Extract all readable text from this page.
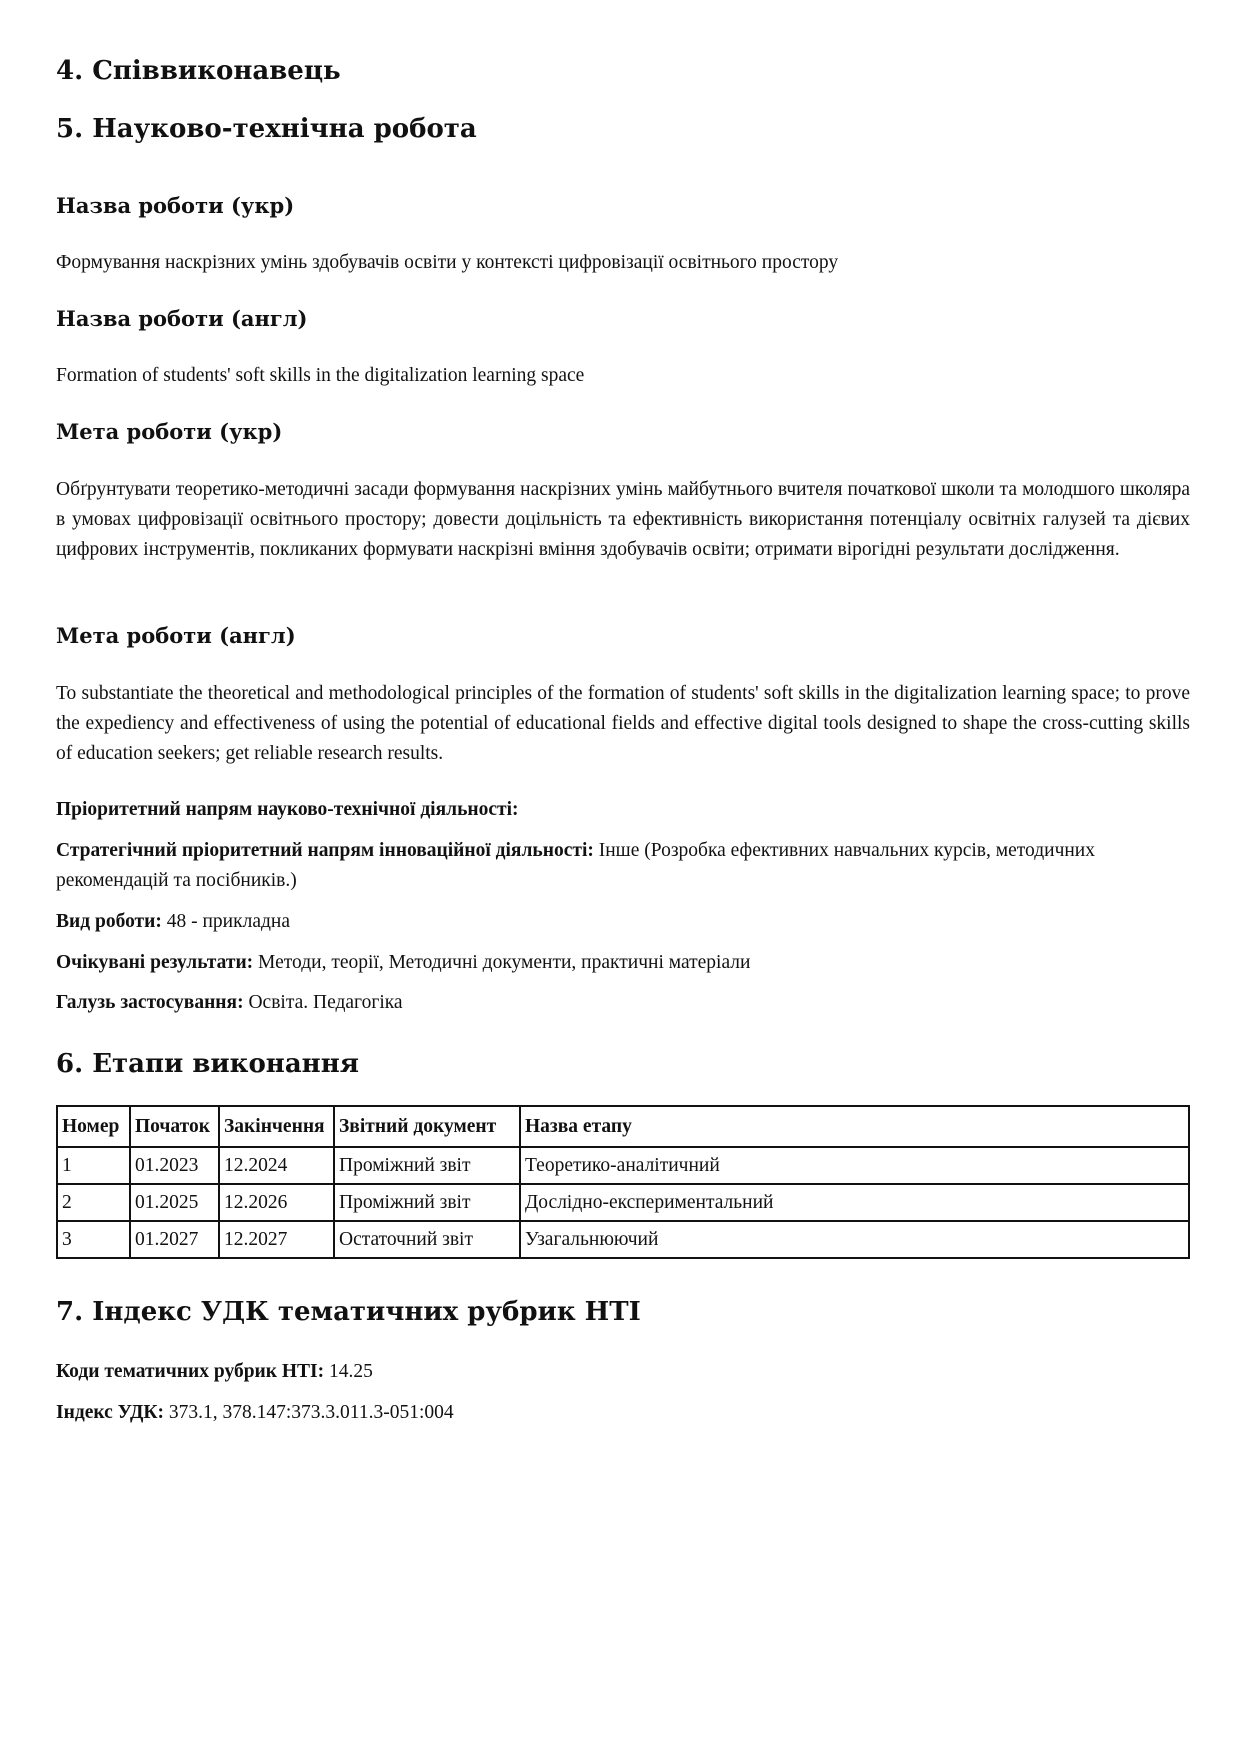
4. Співвиконавець
5. Науково-технічна робота
Назва роботи (укр)

Формування наскрізних умінь здобувачів освіти у контексті цифровізації освітнього простору

Назва роботи (англ)

Formation of students' soft skills in the digitalization learning space

Мета роботи (укр)

Обґрунтувати теоретико-методичні засади формування наскрізних умінь майбутнього вчителя початкової школи та молодшого школяра в умовах цифровізації освітнього простору; довести доцільність та ефективність використання потенціалу освітніх галузей та дієвих цифрових інструментів, покликаних формувати наскрізні вміння здобувачів освіти; отримати вірогідні результати дослідження.

Мета роботи (англ)

To substantiate the theoretical and methodological principles of the formation of students' soft skills in the digitalization learning space; to prove the expediency and effectiveness of using the potential of educational fields and effective digital tools designed to shape the cross-cutting skills of education seekers; get reliable research results.

Пріоритетний напрям науково-технічної діяльності:

Стратегічний пріоритетний напрям інноваційної діяльності: Інше (Розробка ефективних навчальних курсів, методичних рекомендацій та посібників.)

Вид роботи: 48 - прикладна

Очікувані результати: Методи, теорії, Методичні документи, практичні матеріали

Галузь застосування: Освіта. Педагогіка

6. Етапи виконання
Номер	Початок	Закінчення	Звітний документ	Назва етапу
1	01.2023	12.2024	Проміжний звіт	Теоретико-аналітичний
2	01.2025	12.2026	Проміжний звіт	Дослідно-експериментальний
3	01.2027	12.2027	Остаточний звіт	Узагальнюючий
7. Індекс УДК тематичних рубрик НТІ

Коди тематичних рубрик НТІ: 14.25

Індекс УДК: 373.1, 378.147:373.3.011.3-051:004
